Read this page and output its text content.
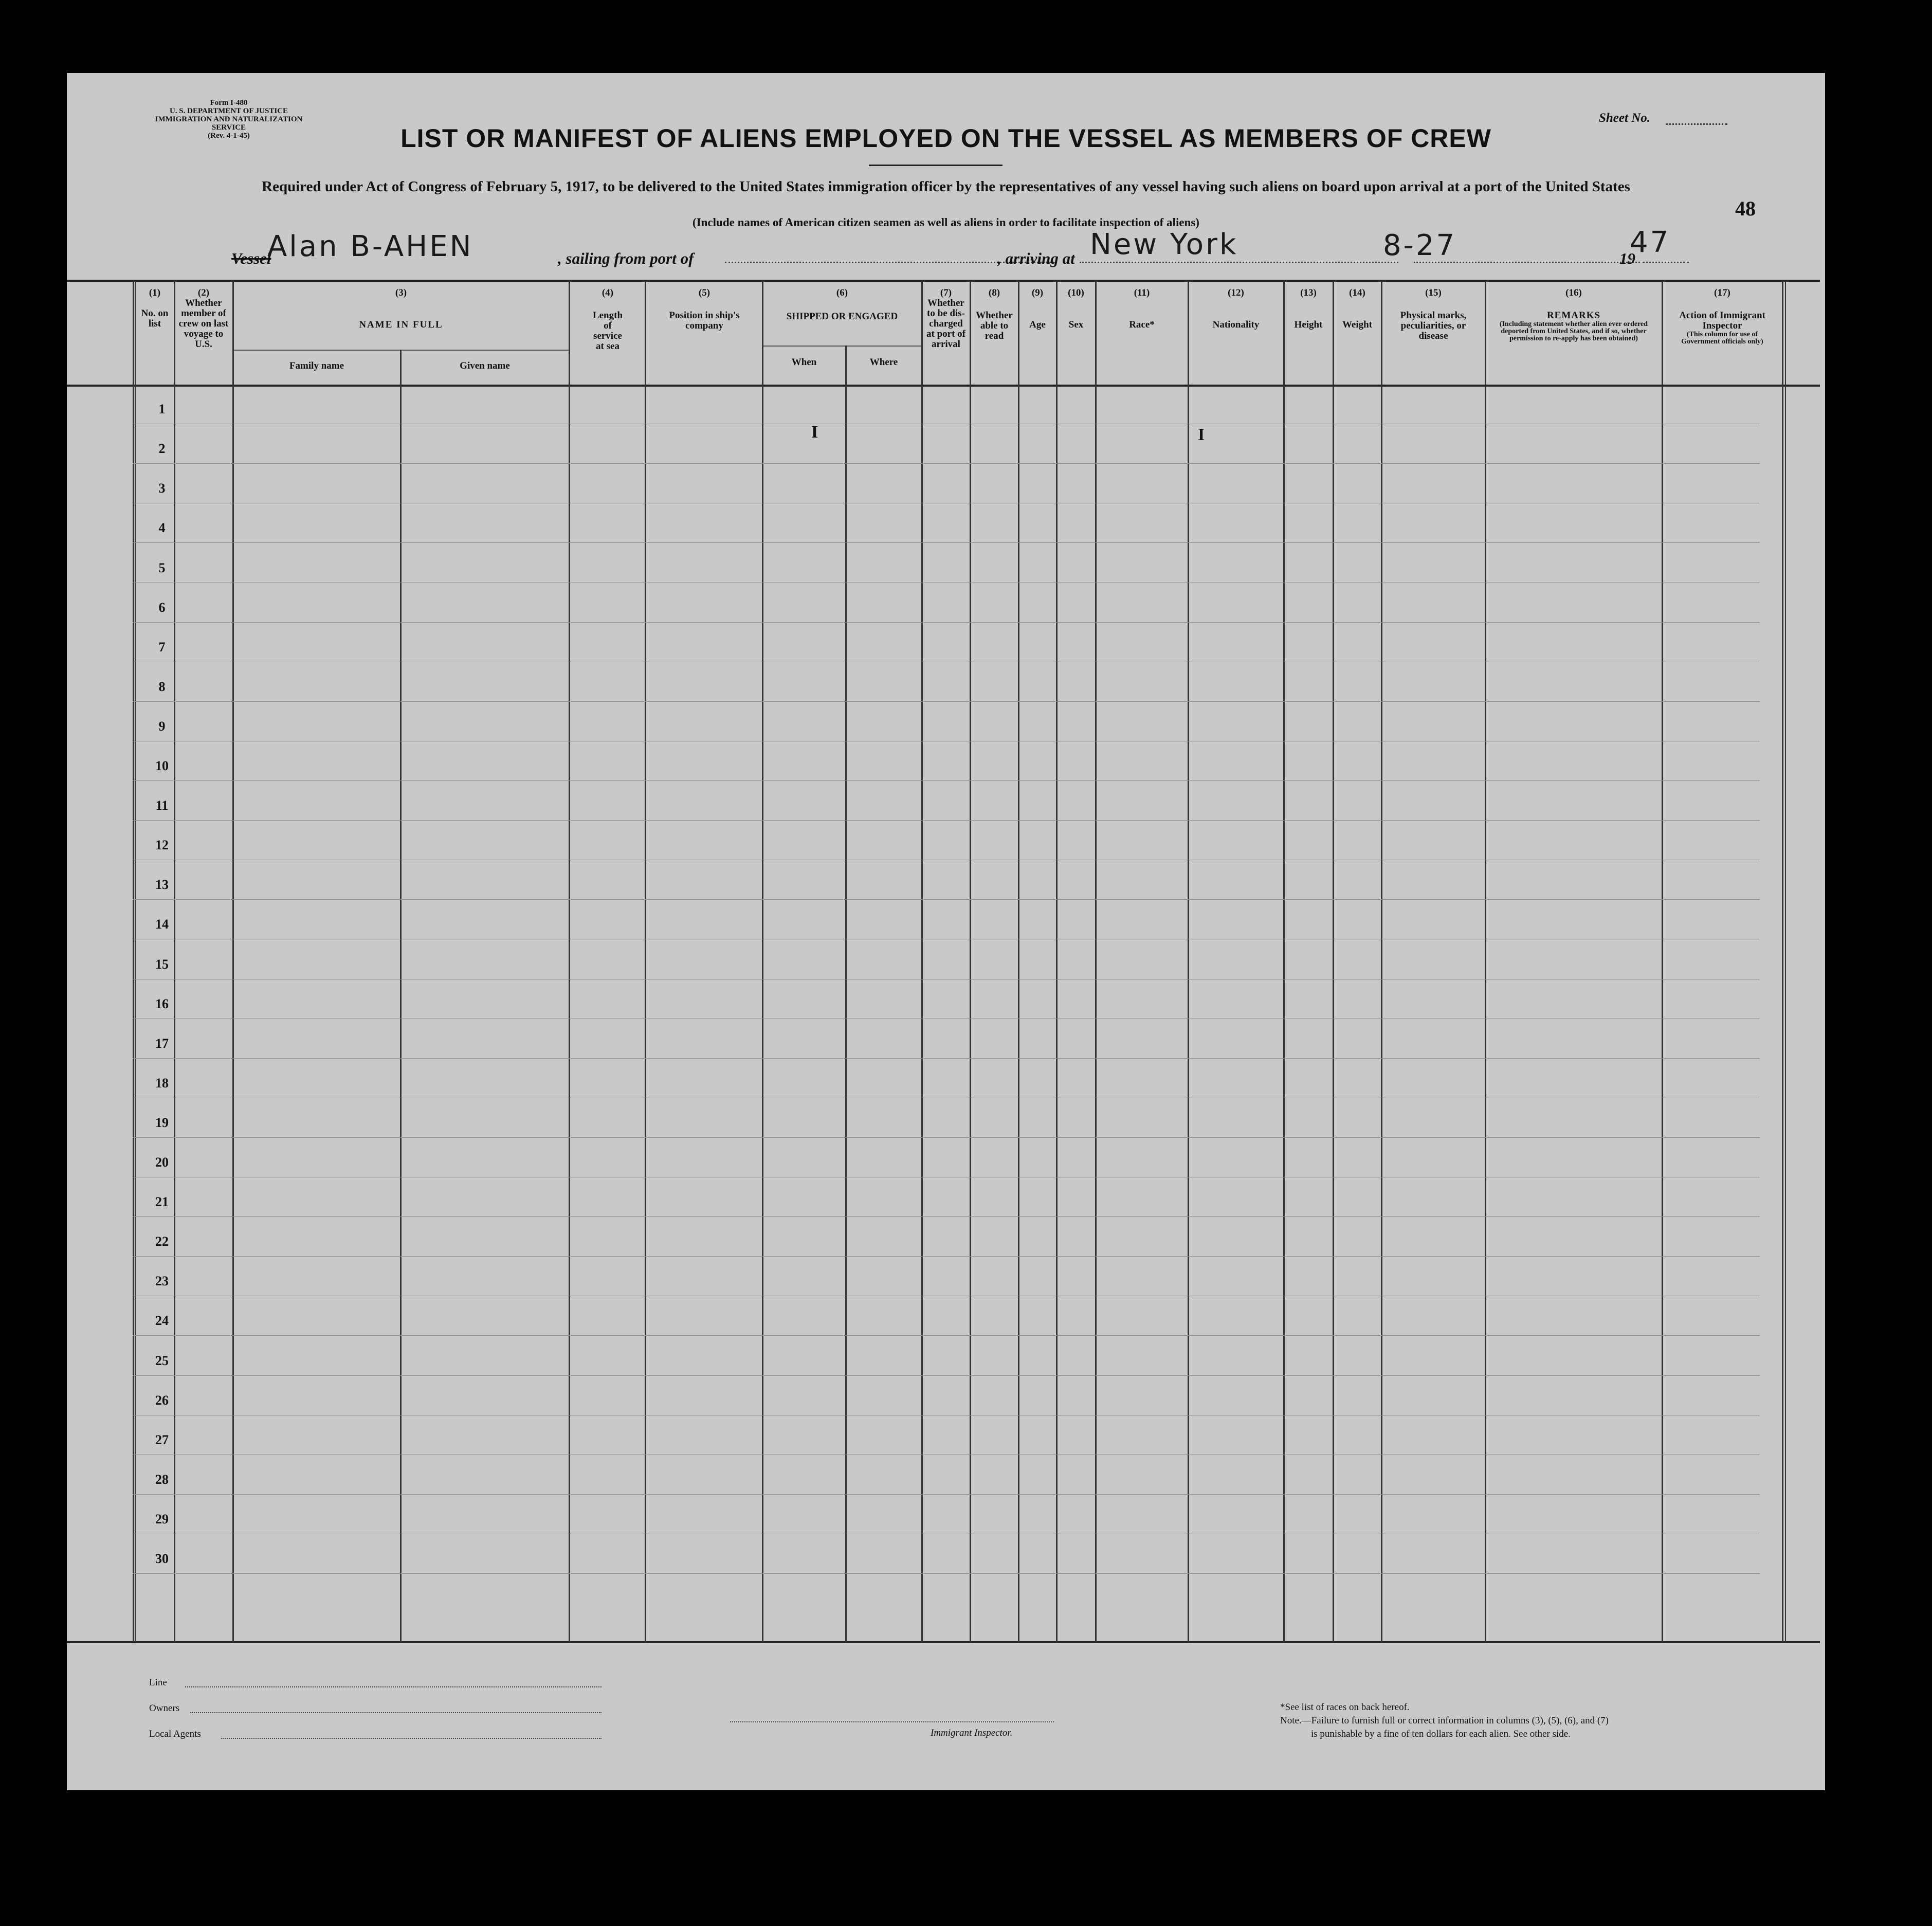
Form I-480
U. S. DEPARTMENT OF JUSTICE
IMMIGRATION AND NATURALIZATION SERVICE
(Rev. 4-1-45)
Sheet No.
LIST OR MANIFEST OF ALIENS EMPLOYED ON THE VESSEL AS MEMBERS OF CREW
Required under Act of Congress of February 5, 1917, to be delivered to the United States immigration officer by the representatives of any vessel having such aliens on board upon arrival at a port of the United States
(Include names of American citizen seamen as well as aliens in order to facilitate inspection of aliens)
48
Vessel
Alan B-AHEN	, sailing from port of	, arriving at New York	8-27	19
47
(1)
No. on list
(2)
Whether member of crew on last voyage to U.S.
(3)
NAME IN FULL
Family name	Given name
(4)
Length of service at sea
(5)
Position in ship's company
(6)
SHIPPED OR ENGAGED
When	Where
(7)
Whether to be dis-charged at port of arrival
(8)
Whether able to read
(9)
Age
(10)
Sex
(11)
Race*
(12)
Nationality
(13)
Height
(14)
Weight
(15)
Physical marks, peculiarities, or disease
(16)
REMARKS
(Including statement whether alien ever ordered deported from United States, and if so, whether permission to re-apply has been obtained)
(17)
Action of Immigrant Inspector
(This column for use of Government officials only)
1
2
3
4
5
6
7
8
9
10
11
12
13
14
15
16
17
18
19
20
21
22
23
24
25
26
27
28
29
30
I	I
Line
Owners
Local Agents	Immigrant Inspector.
*See list of races on back hereof.
Note.—Failure to furnish full or correct information in columns (3), (5), (6), and (7)
is punishable by a fine of ten dollars for each alien. See other side.
